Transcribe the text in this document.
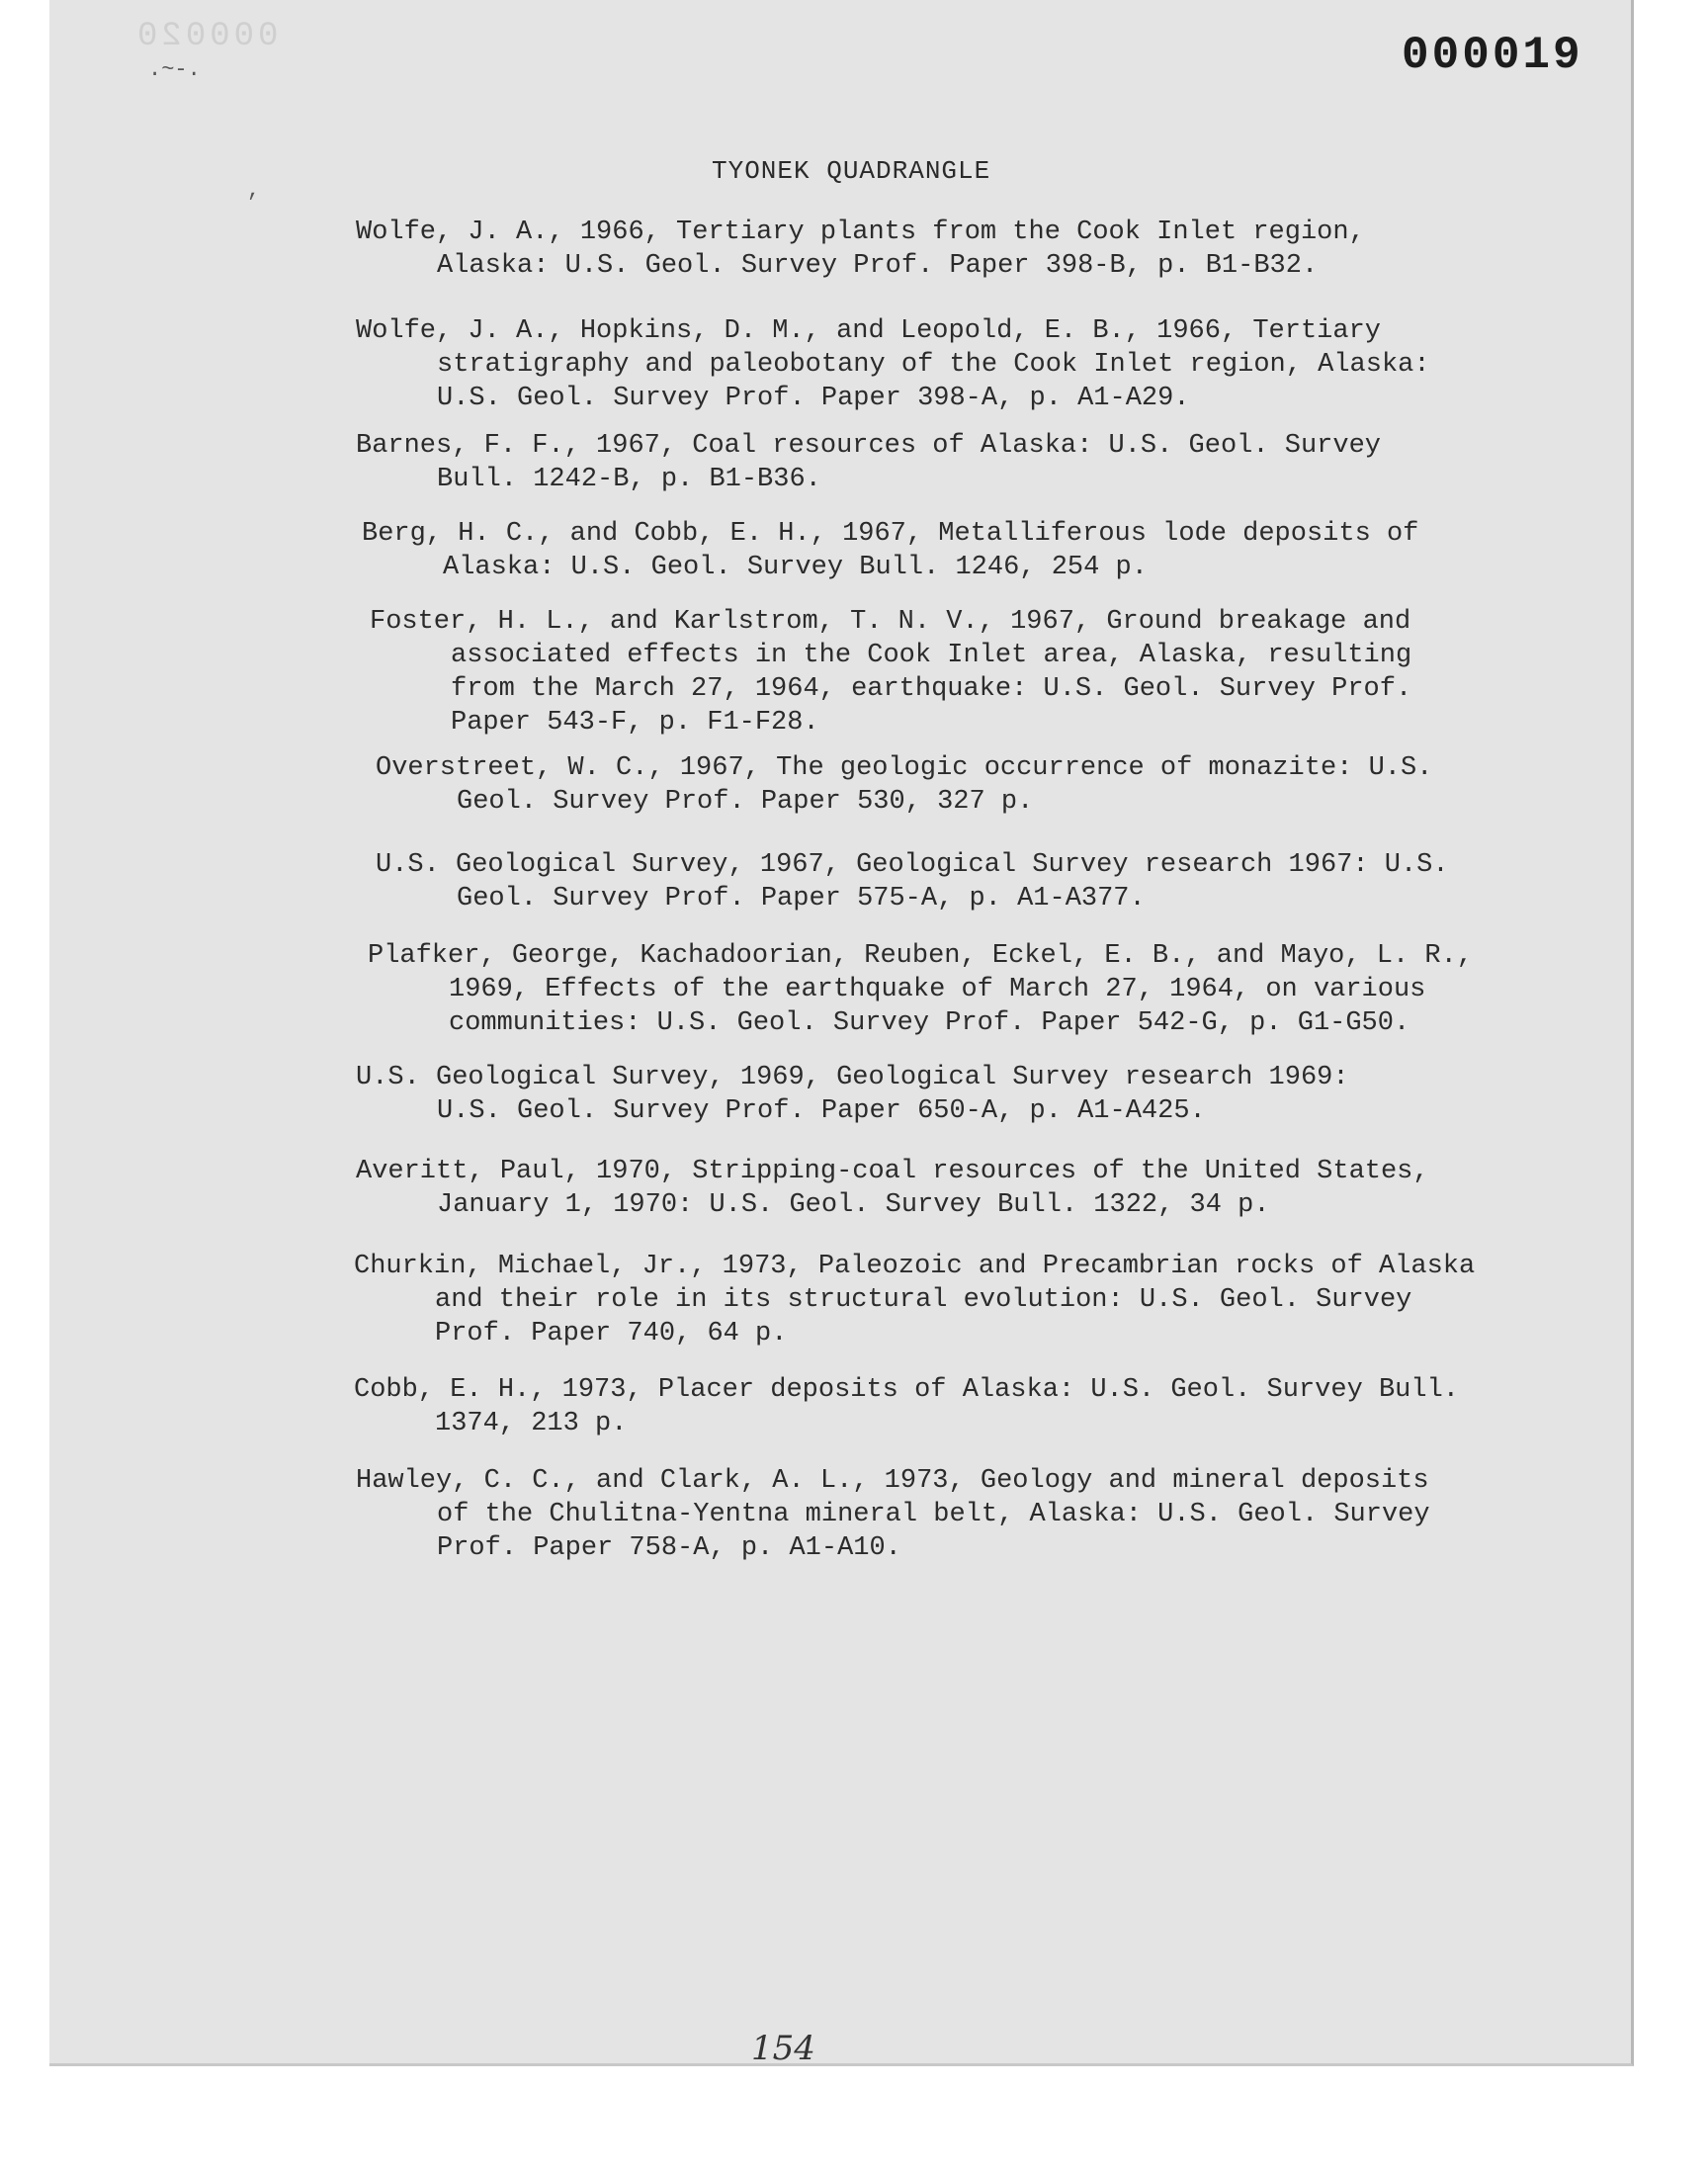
000020	000019
.~-.
,
TYONEK QUADRANGLE
Wolfe, J. A., 1966, Tertiary plants from the Cook Inlet region,
Alaska: U.S. Geol. Survey Prof. Paper 398-B, p. B1-B32.
Wolfe, J. A., Hopkins, D. M., and Leopold, E. B., 1966, Tertiary
stratigraphy and paleobotany of the Cook Inlet region, Alaska:
U.S. Geol. Survey Prof. Paper 398-A, p. A1-A29.
Barnes, F. F., 1967, Coal resources of Alaska: U.S. Geol. Survey
Bull. 1242-B, p. B1-B36.
Berg, H. C., and Cobb, E. H., 1967, Metalliferous lode deposits of
Alaska: U.S. Geol. Survey Bull. 1246, 254 p.
Foster, H. L., and Karlstrom, T. N. V., 1967, Ground breakage and
associated effects in the Cook Inlet area, Alaska, resulting
from the March 27, 1964, earthquake: U.S. Geol. Survey Prof.
Paper 543-F, p. F1-F28.
Overstreet, W. C., 1967, The geologic occurrence of monazite: U.S.
Geol. Survey Prof. Paper 530, 327 p.
U.S. Geological Survey, 1967, Geological Survey research 1967: U.S.
Geol. Survey Prof. Paper 575-A, p. A1-A377.
Plafker, George, Kachadoorian, Reuben, Eckel, E. B., and Mayo, L. R.,
1969, Effects of the earthquake of March 27, 1964, on various
communities: U.S. Geol. Survey Prof. Paper 542-G, p. G1-G50.
U.S. Geological Survey, 1969, Geological Survey research 1969:
U.S. Geol. Survey Prof. Paper 650-A, p. A1-A425.
Averitt, Paul, 1970, Stripping-coal resources of the United States,
January 1, 1970: U.S. Geol. Survey Bull. 1322, 34 p.
Churkin, Michael, Jr., 1973, Paleozoic and Precambrian rocks of Alaska
and their role in its structural evolution: U.S. Geol. Survey
Prof. Paper 740, 64 p.
Cobb, E. H., 1973, Placer deposits of Alaska: U.S. Geol. Survey Bull.
1374, 213 p.
Hawley, C. C., and Clark, A. L., 1973, Geology and mineral deposits
of the Chulitna-Yentna mineral belt, Alaska: U.S. Geol. Survey
Prof. Paper 758-A, p. A1-A10.
154
